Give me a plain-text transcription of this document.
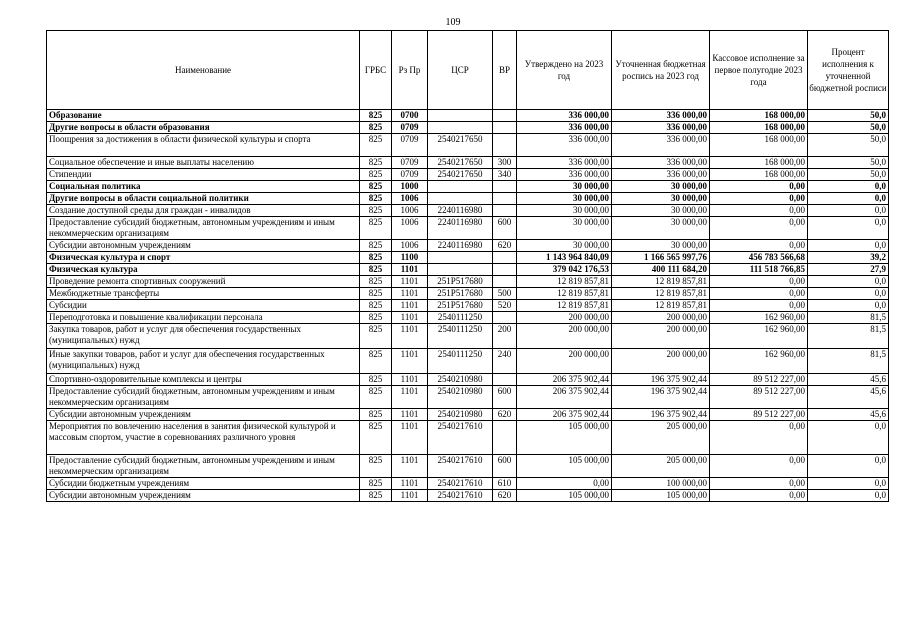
109
Наименование	ГРБС	Рз Пр	ЦСР	ВР	Утверждено на 2023 год	Уточненная бюджетная роспись на 2023 год	Кассовое исполнение за первое полугодие 2023 года	Процент исполнения к уточненной бюджетной росписи
Образование	825	0700			336 000,00	336 000,00	168 000,00	50,0
Другие вопросы в области образования	825	0709			336 000,00	336 000,00	168 000,00	50,0
Поощрения за достижения в области физической культуры и спорта	825	0709	2540217650		336 000,00	336 000,00	168 000,00	50,0
Социальное обеспечение и иные выплаты населению	825	0709	2540217650	300	336 000,00	336 000,00	168 000,00	50,0
Стипендии	825	0709	2540217650	340	336 000,00	336 000,00	168 000,00	50,0
Социальная политика	825	1000			30 000,00	30 000,00	0,00	0,0
Другие вопросы в области социальной политики	825	1006			30 000,00	30 000,00	0,00	0,0
Создание доступной среды для граждан - инвалидов	825	1006	2240116980		30 000,00	30 000,00	0,00	0,0
Предоставление субсидий бюджетным, автономным учреждениям и иным некоммерческим организациям	825	1006	2240116980	600	30 000,00	30 000,00	0,00	0,0
Субсидии автономным учреждениям	825	1006	2240116980	620	30 000,00	30 000,00	0,00	0,0
Физическая культура и спорт	825	1100			1 143 964 840,09	1 166 565 997,76	456 783 566,68	39,2
Физическая культура	825	1101			379 042 176,53	400 111 684,20	111 518 766,85	27,9
Проведение ремонта спортивных сооружений	825	1101	251P517680		12 819 857,81	12 819 857,81	0,00	0,0
Межбюджетные трансферты	825	1101	251P517680	500	12 819 857,81	12 819 857,81	0,00	0,0
Субсидии	825	1101	251P517680	520	12 819 857,81	12 819 857,81	0,00	0,0
Переподготовка и повышение квалификации персонала	825	1101	2540111250		200 000,00	200 000,00	162 960,00	81,5
Закупка товаров, работ и услуг для обеспечения государственных (муниципальных) нужд	825	1101	2540111250	200	200 000,00	200 000,00	162 960,00	81,5
Иные закупки товаров, работ и услуг для обеспечения государственных (муниципальных) нужд	825	1101	2540111250	240	200 000,00	200 000,00	162 960,00	81,5
Спортивно-оздоровительные комплексы и центры	825	1101	2540210980		206 375 902,44	196 375 902,44	89 512 227,00	45,6
Предоставление субсидий бюджетным, автономным учреждениям и иным некоммерческим организациям	825	1101	2540210980	600	206 375 902,44	196 375 902,44	89 512 227,00	45,6
Субсидии автономным учреждениям	825	1101	2540210980	620	206 375 902,44	196 375 902,44	89 512 227,00	45,6
Мероприятия по вовлечению населения в занятия физической культурой и массовым спортом, участие в соревнованиях различного уровня	825	1101	2540217610		105 000,00	205 000,00	0,00	0,0
Предоставление субсидий бюджетным, автономным учреждениям и иным некоммерческим организациям	825	1101	2540217610	600	105 000,00	205 000,00	0,00	0,0
Субсидии бюджетным учреждениям	825	1101	2540217610	610	0,00	100 000,00	0,00	0,0
Субсидии автономным учреждениям	825	1101	2540217610	620	105 000,00	105 000,00	0,00	0,0
